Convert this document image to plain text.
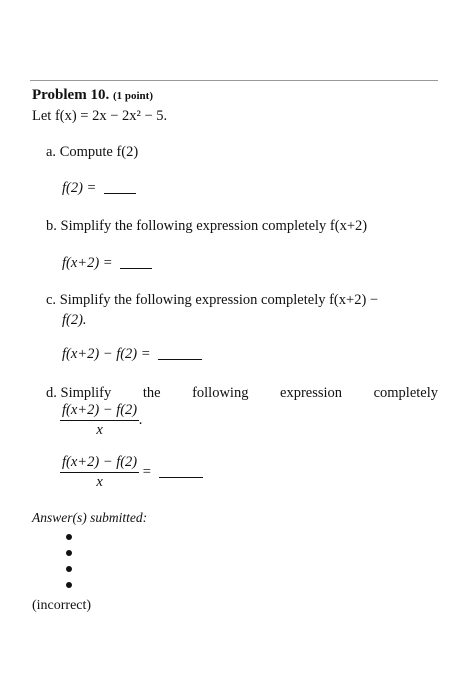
Problem 10. (1 point)
Let f(x) = 2x − 2x² − 5.
a. Compute f(2)
f(2) =
b. Simplify the following expression completely f(x+2)
f(x+2) =
c. Simplify the following expression completely f(x+2) −
f(2).
f(x+2) − f(2) =
d. Simplify the following expression completely
$\frac{f(x+2) - f(2)}{x}$ .
$\frac{f(x+2) - f(2)}{x}$ =
Answer(s) submitted:
(incorrect)
